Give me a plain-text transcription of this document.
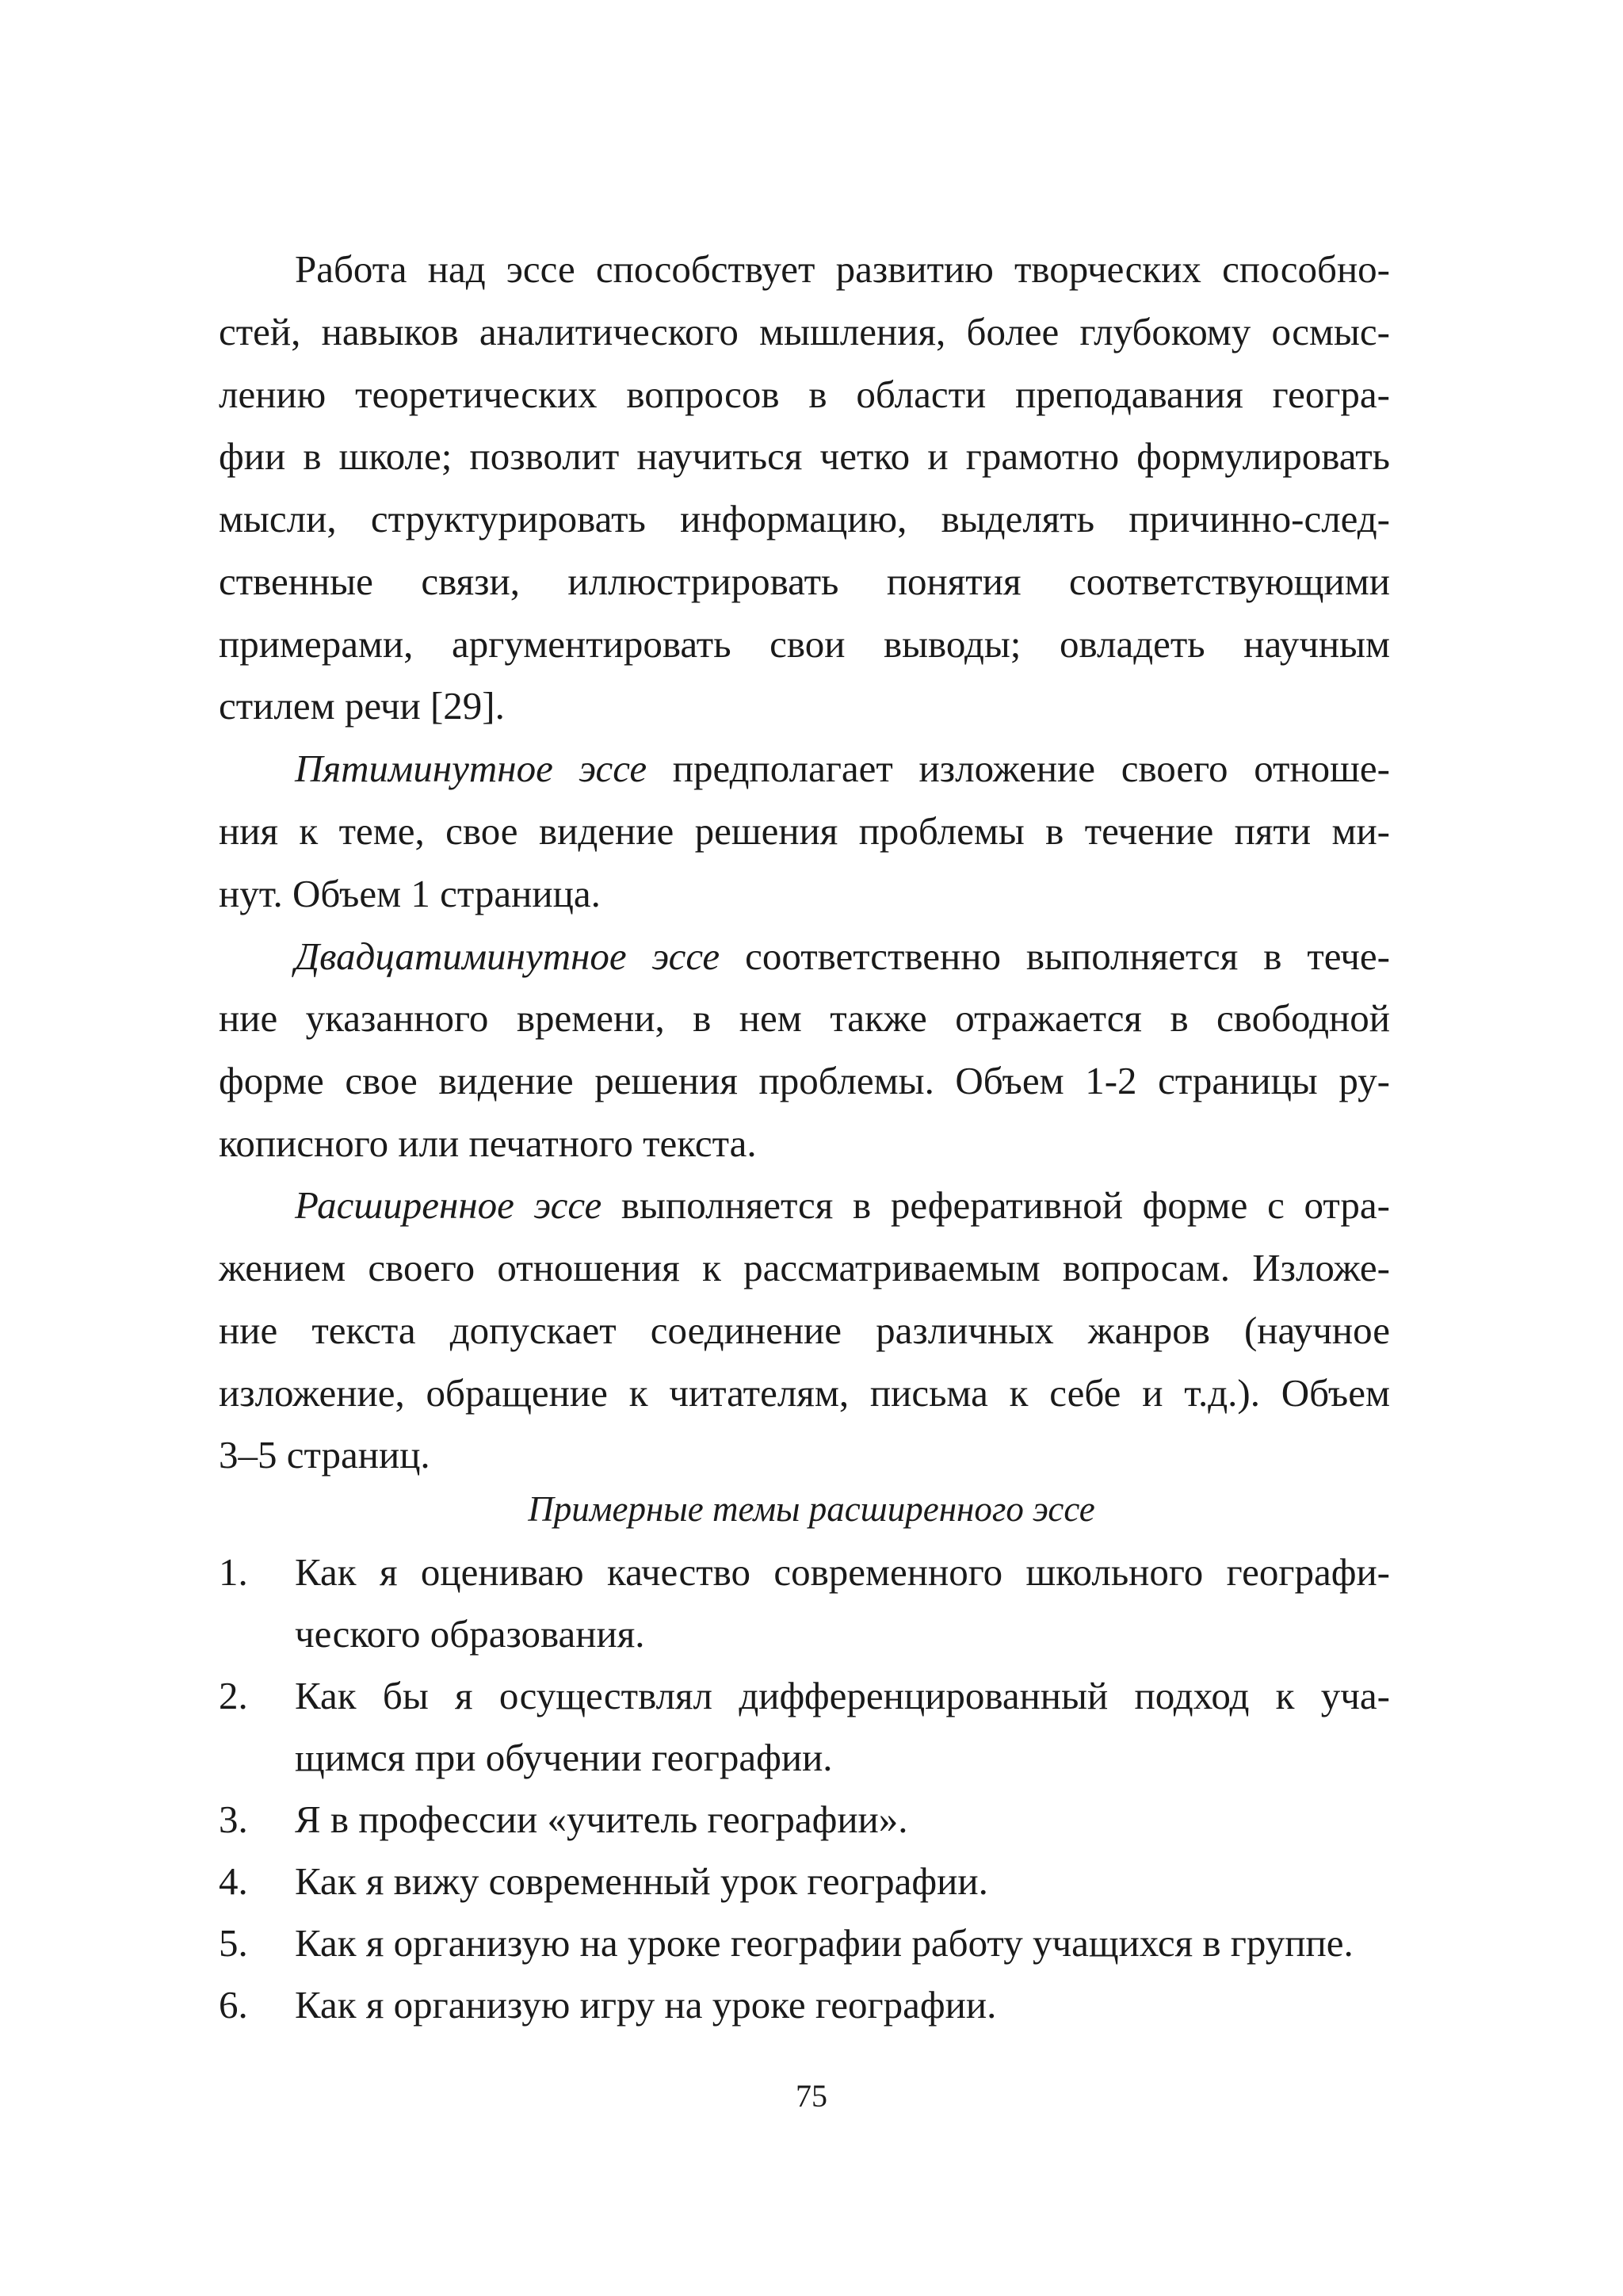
Работа над эссе способствует развитию творческих способно-
стей, навыков аналитического мышления, более глубокому осмыс-
лению теоретических вопросов в области преподавания геогра-
фии в школе; позволит научиться четко и грамотно формулировать
мысли, структурировать информацию, выделять причинно-след-
ственные связи, иллюстрировать понятия соответствующими
примерами, аргументировать свои выводы; овладеть научным
стилем речи [29].
Пятиминутное эссе предполагает изложение своего отноше-
ния к теме, свое видение решения проблемы в течение пяти ми-
нут. Объем 1 страница.
Двадцатиминутное эссе соответственно выполняется в тече-
ние указанного времени, в нем также отражается в свободной
форме свое видение решения проблемы. Объем 1-2 страницы ру-
кописного или печатного текста.
Расширенное эссе выполняется в реферативной форме с отра-
жением своего отношения к рассматриваемым вопросам. Изложе-
ние текста допускает соединение различных жанров (научное
изложение, обращение к читателям, письма к себе и т.д.). Объем
3–5 страниц.
Примерные темы расширенного эссе
1. Как я оцениваю качество современного школьного географи-
ческого образования.
2. Как бы я осуществлял дифференцированный подход к уча-
щимся при обучении географии.
3. Я в профессии «учитель географии».
4. Как я вижу современный урок географии.
5. Как я организую на уроке географии работу учащихся в группе.
6. Как я организую игру на уроке географии.
75
